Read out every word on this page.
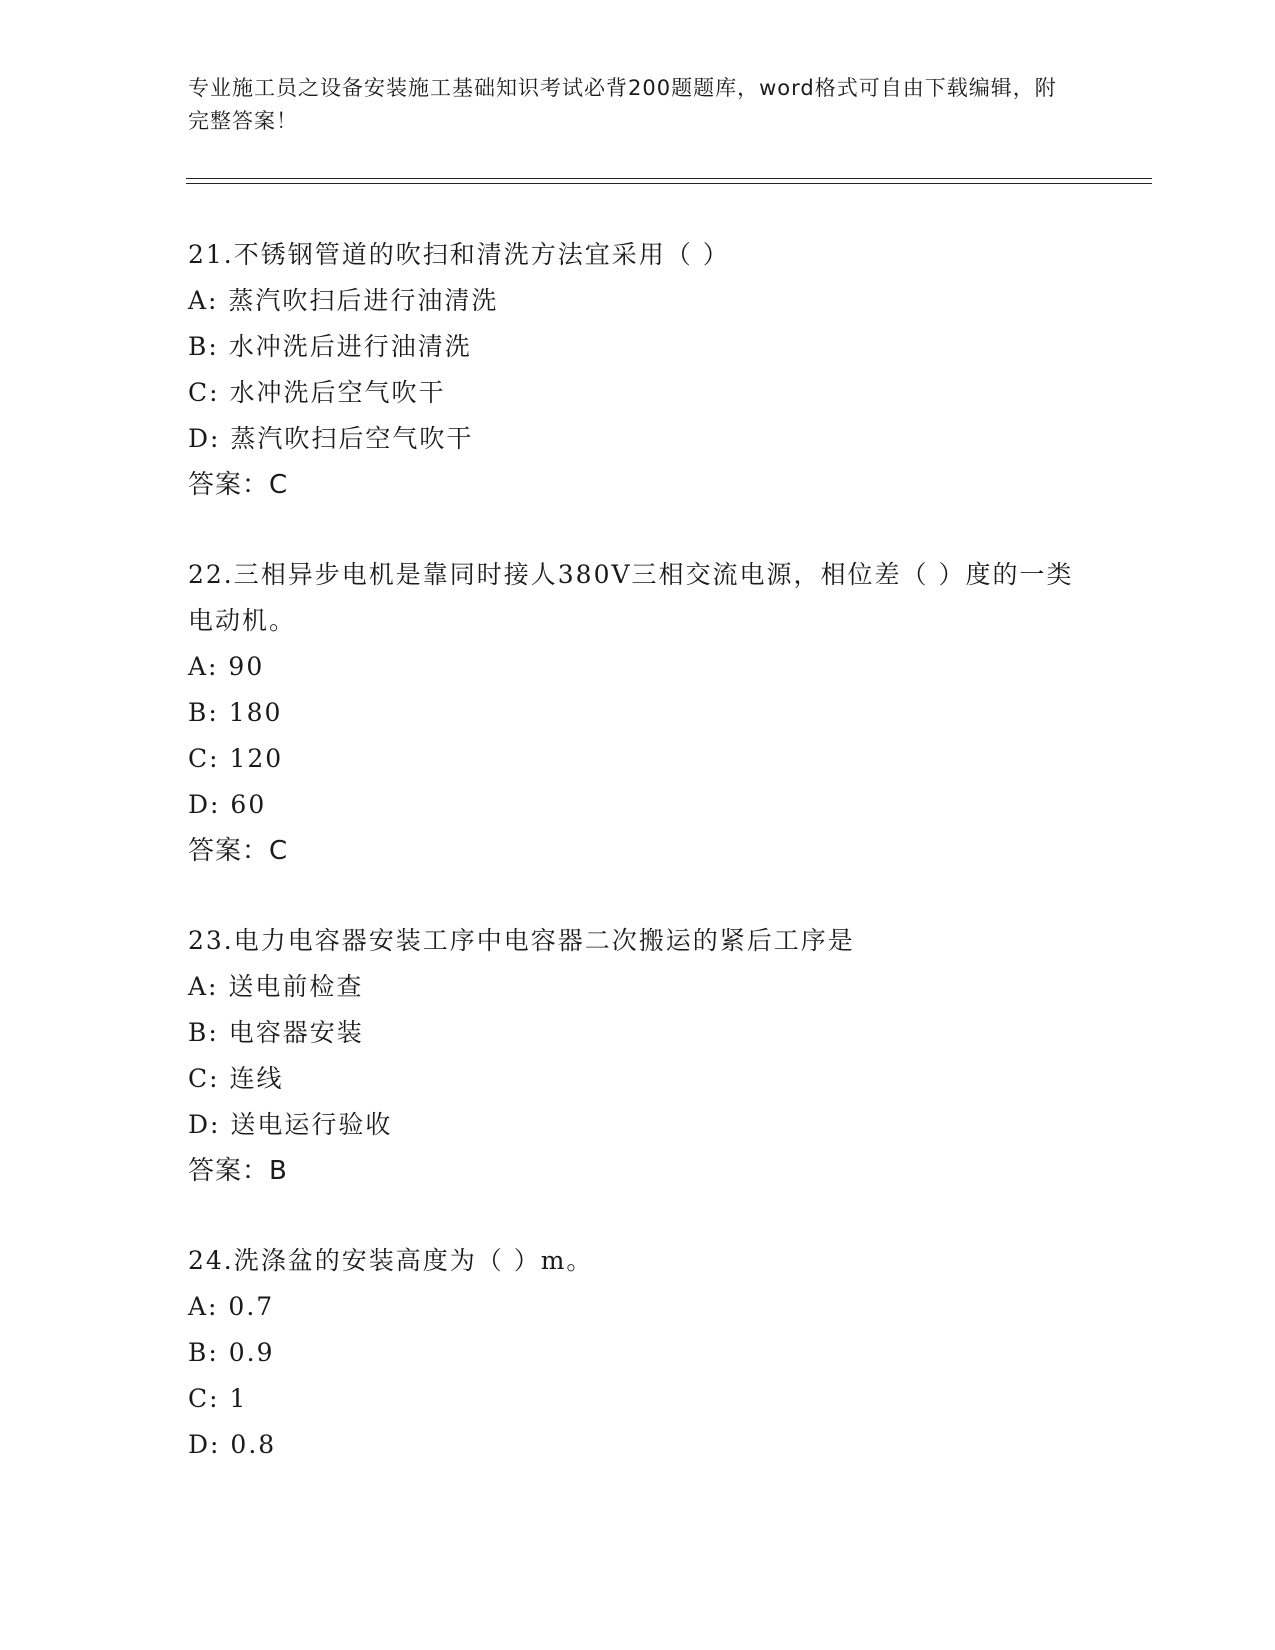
专业施工员之设备安装施工基础知识考试必背200题题库，word格式可自由下载编辑，附完整答案！
21.不锈钢管道的吹扫和清洗方法宜采用（ ）
A: 蒸汽吹扫后进行油清洗
B: 水冲洗后进行油清洗
C: 水冲洗后空气吹干
D: 蒸汽吹扫后空气吹干
答案：C
22.三相异步电机是靠同时接人380V三相交流电源，相位差（ ）度的一类电动机。
A: 90
B: 180
C: 120
D: 60
答案：C
23.电力电容器安装工序中电容器二次搬运的紧后工序是
A: 送电前检查
B: 电容器安装
C: 连线
D: 送电运行验收
答案：B
24.洗涤盆的安装高度为（ ）m。
A: 0.7
B: 0.9
C: 1
D: 0.8
